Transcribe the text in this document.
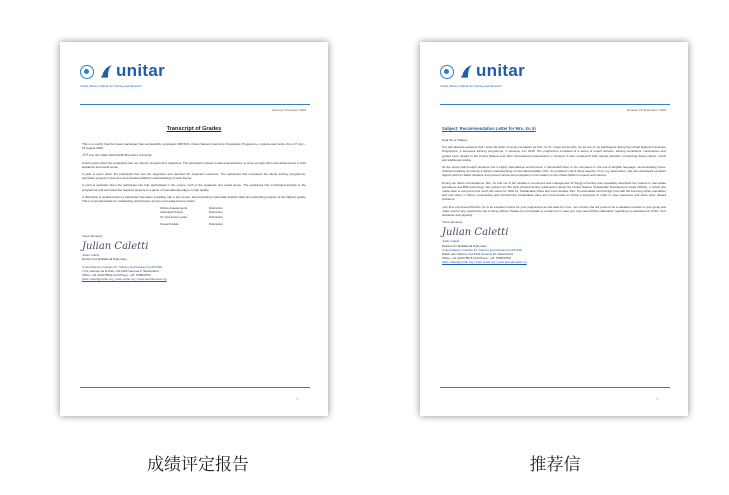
unitar
United Nations Institute for Training and Research
Geneva, 23 August, 2020
Transcript of Grades

This is to certify that the below participant has successfully completed UNITAR's United Nations Internship Preparation Programme, implemented online from 27 July – 23 August 2020.

孙君 Xun Sun Male 10/12/1998 Shenzhen University

A fail is given when the participant has not met the programme's objectives. The participant missed to attend all activities, to show enough effort and achievement in both academic and social sense.

A pass is given when the participant has met the objectives and reached the expected outcomes. The participant has completed the whole training programme, submitted projects in due time and showed sufficient understanding of each theme.

A merit is awarded when the participant has fully participated in the course, both in the academic and social sense. The participant has contributed actively to the programme and submitted the required projects to a panel of international judges in high quality.

A distinction is awarded when a participant has taken a leading role in the course, demonstrating impeccable English skills and submitting projects of the highest quality. This is a special award for outstanding performance and an encouragement to others.

Online Assessments	Distinction
Individual Project	Distinction
CV and Cover Letter	Distinction
Overall Grade	Distinction

Yours sincerely,

Julian Caletti
Julian Caletti
Division for Multilateral Diplomacy
United Nations Institute for Training and Research (UNITAR)
7 bis, Avenue de la Paix, CH-1202 Geneva 2, Switzerland
Office: +41 229178530 Cell Phone: +41 794860769
julian.caletti@unitar.org | www.unitar.org | www.learnatunitar.org
1
unitar
United Nations Institute for Training and Research
Geneva, 19 September, 2018
Subject: Recommendation Letter for Mrs. Xu Xi

Dear Sir or Madam,

It is with absolute pleasure that I write this letter of recommendation for Mrs. Xu Xi. I have known Mrs. Xu as one of my participants during the United Nations Immersion Programme, a two-week training programme, in Geneva, 4-9, 2018. The programme consisted of a series of expert lectures, training workshops, conferences and guided tours related to the United Nations and other international organizations in Geneva. It was rounded-off with cultural activities, introducing Swiss culture, music and traditional cuisine.

As the study-visit brought students into a highly international environment, it demanded them to be competent in the use of English language, demonstrating cross-cultural sensitivity as well as a decent understanding of international affairs. Mrs. Xu excelled in all of these aspects. From my observation, she also developed excellent rapport with her fellow students and proved curious and outspoken in her relation to the United Nation's experts and trainers.

During our direct conversations, Mrs. Xu told me of her studies in economics and management at Tongji University and repeatedly described her interest in real estate operations and BIM technology. Her passion for this topic showed during a discussion about the United Nations Sustainable Development Goals (SDGs), in which she made clear to everyone how much she cares for SDG 11, Sustainable Cities and Communities. Mrs. Xu articulated convincingly how with the booming urban population and new cities in China, constructing and transforming sustainable cities and communities in China is important in order to save resources and solve other related problems.

I am thus convinced that Mrs. Xu is an excellent choice for your programme as she asks for mine. I am certain she will prove to be a valuable member to your group and make most of any opportunity she is being offered. Please do not hesitate to contact me in case you may need further elaboration regarding my assessment of Mrs. Xu's character and capacity.

Yours sincerely,

Julian Caletti
Julian Caletti
Division for Multilateral Diplomacy
United Nations Institute for Training and Research (UNITAR)
Palais des Nations, CH-1211 Geneva 10, Switzerland
Office: +41 229178576 Cell Phone: +41 794860769
julian.caletti@unitar.org | www.unitar.org | www.learnatunitar.org
1
成绩评定报告	推荐信
